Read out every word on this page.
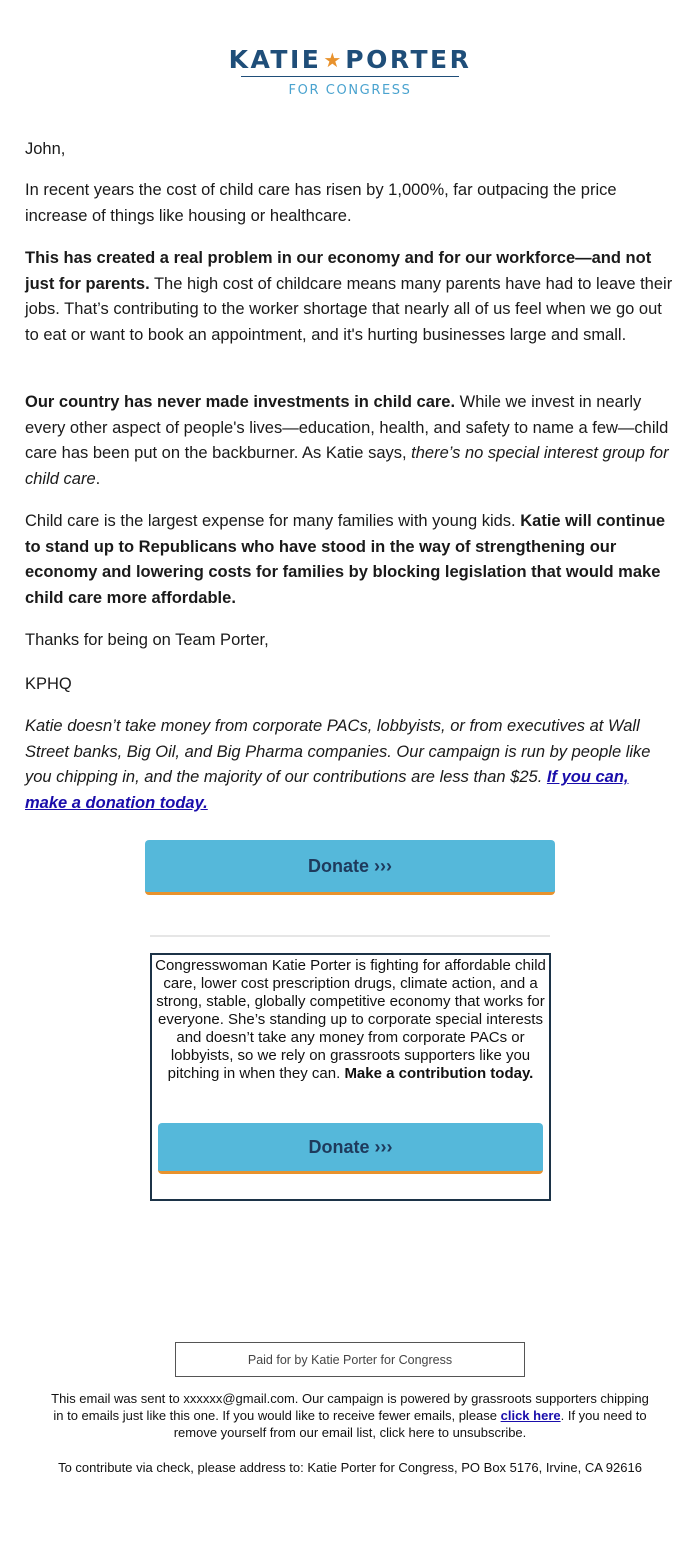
KATIE ★ PORTER
FOR CONGRESS

John,

In recent years the cost of child care has risen by 1,000%, far outpacing the price increase of things like housing or healthcare.

This has created a real problem in our economy and for our workforce—and not just for parents. The high cost of childcare means many parents have had to leave their jobs. That’s contributing to the worker shortage that nearly all of us feel when we go out to eat or want to book an appointment, and it's hurting businesses large and small.

Our country has never made investments in child care. While we invest in nearly every other aspect of people's lives—education, health, and safety to name a few—child care has been put on the backburner. As Katie says, there’s no special interest group for child care.

Child care is the largest expense for many families with young kids. Katie will continue to stand up to Republicans who have stood in the way of strengthening our economy and lowering costs for families by blocking legislation that would make child care more affordable.

Thanks for being on Team Porter,

KPHQ

Katie doesn’t take money from corporate PACs, lobbyists, or from executives at Wall Street banks, Big Oil, and Big Pharma companies. Our campaign is run by people like you chipping in, and the majority of our contributions are less than $25. If you can, make a donation today.

Donate ›››
Congresswoman Katie Porter is fighting for affordable child care, lower cost prescription drugs, climate action, and a strong, stable, globally competitive economy that works for everyone. She’s standing up to corporate special interests and doesn’t take any money from corporate PACs or lobbyists, so we rely on grassroots supporters like you pitching in when they can. Make a contribution today.
Donate ›››
Paid for by Katie Porter for Congress
This email was sent to xxxxxx@gmail.com. Our campaign is powered by grassroots supporters chipping in to emails just like this one. If you would like to receive fewer emails, please click here. If you need to remove yourself from our email list, click here to unsubscribe.
To contribute via check, please address to: Katie Porter for Congress, PO Box 5176, Irvine, CA 92616
